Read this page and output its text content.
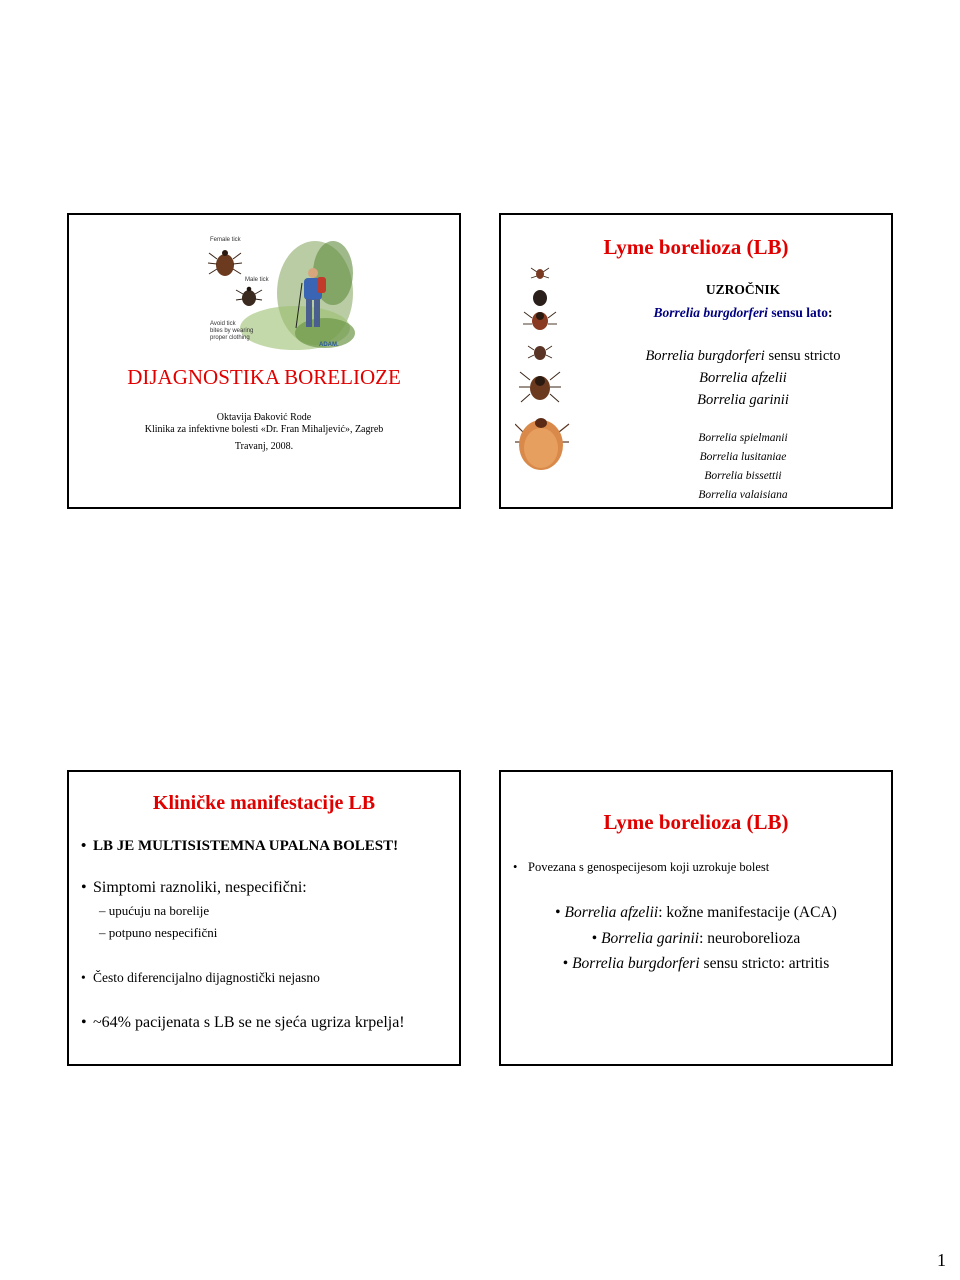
Female tick
Male tick
Avoid tick
bites by wearing
proper clothing
ADAM.
DIJAGNOSTIKA BORELIOZE
Oktavija Đaković Rode
Klinika za infektivne bolesti «Dr. Fran Mihaljević», Zagreb
Travanj, 2008.
Lyme borelioza (LB)
UZROČNIK
Borrelia burgdorferi sensu lato:
Borrelia burgdorferi sensu stricto
Borrelia afzelii
Borrelia garinii
Borrelia spielmanii
Borrelia lusitaniae
Borrelia bissettii
Borrelia valaisiana
Kliničke manifestacije LB
• LB JE MULTISISTEMNA UPALNA BOLEST!
• Simptomi raznoliki, nespecifični:
– upućuju na borelije
– potpuno nespecifični
• Često diferencijalno dijagnostički nejasno
• ~64% pacijenata s LB se ne sjeća ugriza krpelja!
Lyme borelioza (LB)
• Povezana s genospecijesom koji uzrokuje bolest
• Borrelia afzelii: kožne manifestacije (ACA)
• Borrelia garinii: neuroborelioza
• Borrelia burgdorferi sensu stricto: artritis
1
